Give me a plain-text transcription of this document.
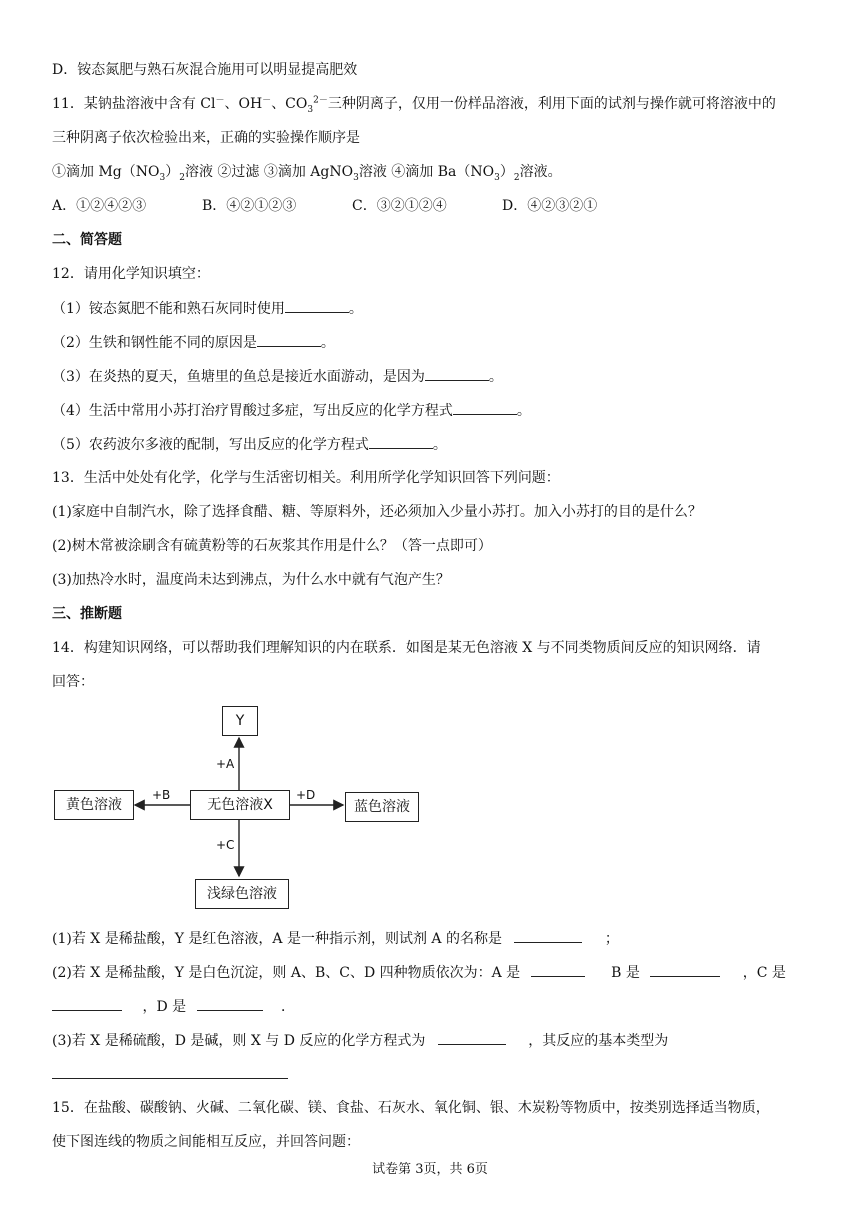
D．铵态氮肥与熟石灰混合施用可以明显提高肥效
11．某钠盐溶液中含有 Cl－、OH－、$CO_3^{2-}$三种阴离子，仅用一份样品溶液，利用下面的试剂与操作就可将溶液中的
三种阴离子依次检验出来，正确的实验操作顺序是
①滴加 $Mg(NO_3)_2$溶液 ②过滤 ③滴加 AgNO$_3$溶液 ④滴加 $Ba(NO_3)_2$溶液。
A．①②④②③	B．④②①②③	C．③②①②④	D．④②③②①
二、简答题
12．请用化学知识填空：
（1）铵态氮肥不能和熟石灰同时使用	。
（2）生铁和钢性能不同的原因是	。
（3）在炎热的夏天，鱼塘里的鱼总是接近水面游动，是因为	。
（4）生活中常用小苏打治疗胃酸过多症，写出反应的化学方程式	。
（5）农药波尔多液的配制，写出反应的化学方程式	。
13．生活中处处有化学，化学与生活密切相关。利用所学化学知识回答下列问题：
(1)家庭中自制汽水，除了选择食醋、糖、等原料外，还必须加入少量小苏打。加入小苏打的目的是什么？
(2)树木常被涂刷含有硫黄粉等的石灰浆其作用是什么？（答一点即可）
(3)加热冷水时，温度尚未达到沸点，为什么水中就有气泡产生？
三、推断题
14．构建知识网络，可以帮助我们理解知识的内在联系．如图是某无色溶液 X 与不同类物质间反应的知识网络．请
回答：
Y
无色溶液X
黄色溶液	蓝色溶液
浅绿色溶液
+A
+B
+C
+D
(1)若 X 是稀盐酸，Y 是红色溶液，A 是一种指示剂，则试剂 A 的名称是	；
(2)若 X 是稀盐酸，Y 是白色沉淀，则 A、B、C、D 四种物质依次为：A 是	B 是	，C 是
，D 是	．
(3)若 X 是稀硫酸，D 是碱，则 X 与 D 反应的化学方程式为	，其反应的基本类型为
15．在盐酸、碳酸钠、火碱、二氧化碳、镁、食盐、石灰水、氧化铜、银、木炭粉等物质中，按类别选择适当物质，
使下图连线的物质之间能相互反应，并回答问题：
试卷第 3页，共 6页
